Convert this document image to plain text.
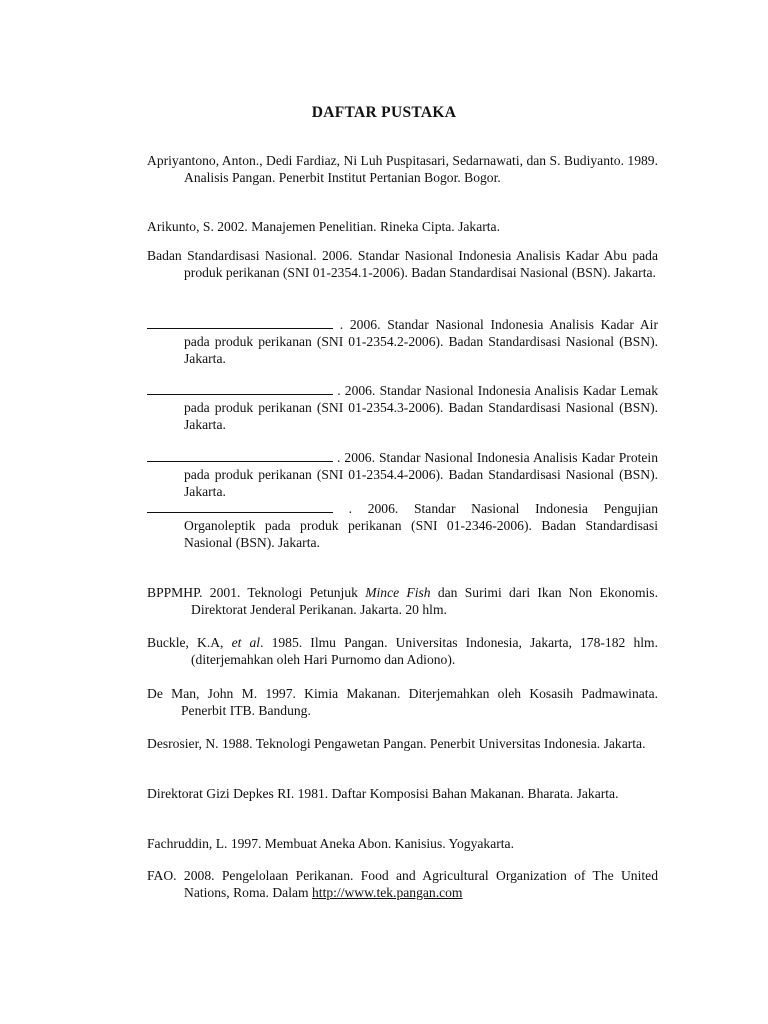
DAFTAR PUSTAKA
Apriyantono, Anton., Dedi Fardiaz, Ni Luh Puspitasari, Sedarnawati, dan S. Budiyanto. 1989. Analisis Pangan. Penerbit Institut Pertanian Bogor. Bogor.
Arikunto, S. 2002. Manajemen Penelitian. Rineka Cipta. Jakarta.
Badan Standardisasi Nasional. 2006. Standar Nasional Indonesia Analisis Kadar Abu pada produk perikanan (SNI 01-2354.1-2006). Badan Standardisai Nasional (BSN). Jakarta.
. 2006. Standar Nasional Indonesia Analisis Kadar Air pada produk perikanan (SNI 01-2354.2-2006). Badan Standardisasi Nasional (BSN). Jakarta.
. 2006. Standar Nasional Indonesia Analisis Kadar Lemak pada produk perikanan (SNI 01-2354.3-2006). Badan Standardisasi Nasional (BSN). Jakarta.
. 2006. Standar Nasional Indonesia Analisis Kadar Protein pada produk perikanan (SNI 01-2354.4-2006). Badan Standardisasi Nasional (BSN). Jakarta.
. 2006. Standar Nasional Indonesia Pengujian Organoleptik pada produk perikanan (SNI 01-2346-2006). Badan Standardisasi Nasional (BSN). Jakarta.
BPPMHP. 2001. Teknologi Petunjuk Mince Fish dan Surimi dari Ikan Non Ekonomis. Direktorat Jenderal Perikanan. Jakarta. 20 hlm.
Buckle, K.A, et al. 1985. Ilmu Pangan. Universitas Indonesia, Jakarta, 178-182 hlm. (diterjemahkan oleh Hari Purnomo dan Adiono).
De Man, John M. 1997. Kimia Makanan. Diterjemahkan oleh Kosasih Padmawinata. Penerbit ITB. Bandung.
Desrosier, N. 1988. Teknologi Pengawetan Pangan. Penerbit Universitas Indonesia. Jakarta.
Direktorat Gizi Depkes RI. 1981. Daftar Komposisi Bahan Makanan. Bharata. Jakarta.
Fachruddin, L. 1997. Membuat Aneka Abon. Kanisius. Yogyakarta.
FAO. 2008. Pengelolaan Perikanan. Food and Agricultural Organization of The United Nations, Roma. Dalam http://www.tek.pangan.com
